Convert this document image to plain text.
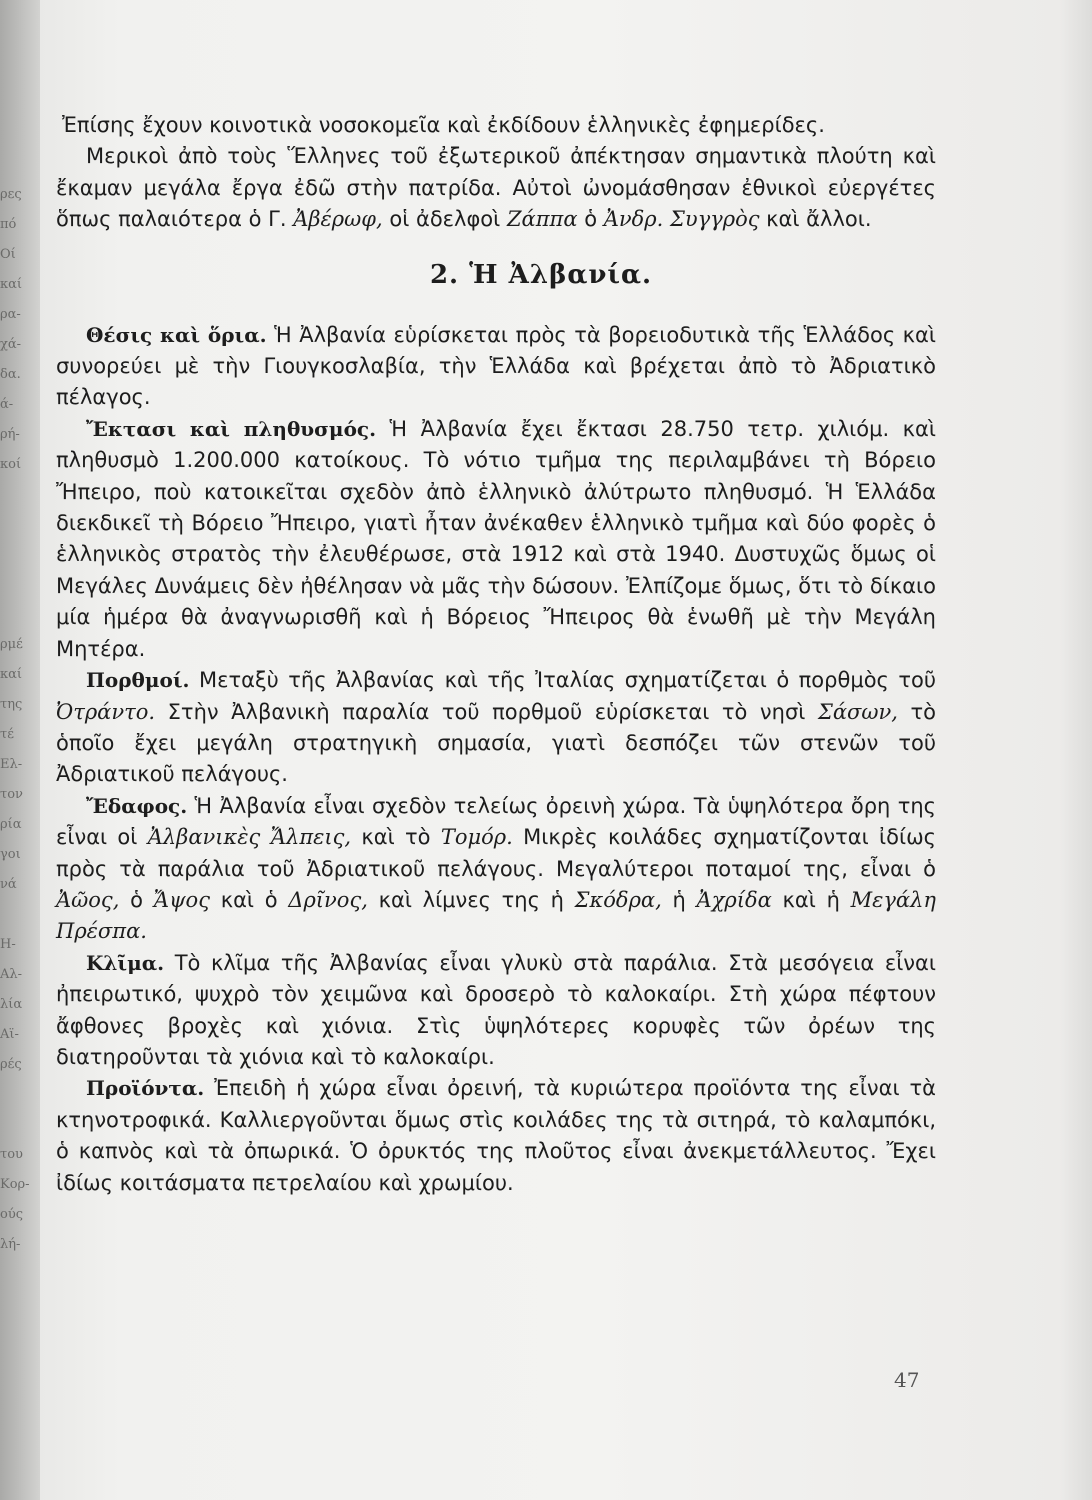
ρες
πό
Οί
καί
ρα-
χά-
δα.
ά-
ρή-
κοί
ρμέ
καί
της
τέ
Ελ-
τον
ρία
γοι
νά
Η-
Αλ-
λία
Αϊ-
ρές
του
Κορ-
ούς
λή-

Ἐπίσης ἔχουν κοινοτικὰ νοσοκομεῖα καὶ ἐκδίδουν ἑλληνικὲς ἐφημερίδες.

Μερικοὶ ἀπὸ τοὺς Ἕλληνες τοῦ ἐξωτερικοῦ ἀπέκτησαν σημαντικὰ πλούτη καὶ ἔκαμαν μεγάλα ἔργα ἐδῶ στὴν πατρίδα. Αὐτοὶ ὠνομάσθησαν ἐθνικοὶ εὐεργέτες ὅπως παλαιότερα ὁ Γ. Ἀβέρωφ, οἱ ἀδελφοὶ Ζάππα ὁ Ἀνδρ. Συγγρὸς καὶ ἄλλοι.

2. Ἡ Ἀλβανία.

Θέσις καὶ ὅρια. Ἡ Ἀλβανία εὑρίσκεται πρὸς τὰ βορειοδυτικὰ τῆς Ἑλλάδος καὶ συνορεύει μὲ τὴν Γιουγκοσλαβία, τὴν Ἑλλάδα καὶ βρέχεται ἀπὸ τὸ Ἀδριατικὸ πέλαγος.

Ἔκτασι καὶ πληθυσμός. Ἡ Ἀλβανία ἔχει ἔκτασι 28.750 τετρ. χιλιόμ. καὶ πληθυσμὸ 1.200.000 κατοίκους. Τὸ νότιο τμῆμα της περιλαμβάνει τὴ Βόρειο Ἤπειρο, ποὺ κατοικεῖται σχεδὸν ἀπὸ ἑλληνικὸ ἀλύτρωτο πληθυσμό. Ἡ Ἑλλάδα διεκδικεῖ τὴ Βόρειο Ἤπειρο, γιατὶ ἦταν ἀνέκαθεν ἑλληνικὸ τμῆμα καὶ δύο φορὲς ὁ ἑλληνικὸς στρατὸς τὴν ἐλευθέρωσε, στὰ 1912 καὶ στὰ 1940. Δυστυχῶς ὅμως οἱ Μεγάλες Δυνάμεις δὲν ἠθέλησαν νὰ μᾶς τὴν δώσουν. Ἐλπίζομε ὅμως, ὅτι τὸ δίκαιο μία ἡμέρα θὰ ἀναγνωρισθῆ καὶ ἡ Βόρειος Ἤπειρος θὰ ἑνωθῆ μὲ τὴν Μεγάλη Μητέρα.

Πορθμοί. Μεταξὺ τῆς Ἀλβανίας καὶ τῆς Ἰταλίας σχηματίζεται ὁ πορθμὸς τοῦ Ὀτράντο. Στὴν Ἀλβανικὴ παραλία τοῦ πορθμοῦ εὑρίσκεται τὸ νησὶ Σάσων, τὸ ὁποῖο ἔχει μεγάλη στρατηγικὴ σημασία, γιατὶ δεσπόζει τῶν στενῶν τοῦ Ἀδριατικοῦ πελάγους.

Ἔδαφος. Ἡ Ἀλβανία εἶναι σχεδὸν τελείως ὀρεινὴ χώρα. Τὰ ὑψηλότερα ὄρη της εἶναι οἱ Ἀλβανικὲς Ἄλπεις, καὶ τὸ Τομόρ. Μικρὲς κοιλάδες σχηματίζονται ἰδίως πρὸς τὰ παράλια τοῦ Ἀδριατικοῦ πελάγους. Μεγαλύτεροι ποταμοί της, εἶναι ὁ Ἀῶος, ὁ Ἄψος καὶ ὁ Δρῖνος, καὶ λίμνες της ἡ Σκόδρα, ἡ Ἀχρίδα καὶ ἡ Μεγάλη Πρέσπα.

Κλῖμα. Τὸ κλῖμα τῆς Ἀλβανίας εἶναι γλυκὺ στὰ παράλια. Στὰ μεσόγεια εἶναι ἠπειρωτικό, ψυχρὸ τὸν χειμῶνα καὶ δροσερὸ τὸ καλοκαίρι. Στὴ χώρα πέφτουν ἄφθονες βροχὲς καὶ χιόνια. Στὶς ὑψηλότερες κορυφὲς τῶν ὀρέων της διατηροῦνται τὰ χιόνια καὶ τὸ καλοκαίρι.

Προϊόντα. Ἐπειδὴ ἡ χώρα εἶναι ὀρεινή, τὰ κυριώτερα προϊόντα της εἶναι τὰ κτηνοτροφικά. Καλλιεργοῦνται ὅμως στὶς κοιλάδες της τὰ σιτηρά, τὸ καλαμπόκι, ὁ καπνὸς καὶ τὰ ὀπωρικά. Ὁ ὀρυκτός της πλοῦτος εἶναι ἀνεκμετάλλευτος. Ἔχει ἰδίως κοιτάσματα πετρελαίου καὶ χρωμίου.

47
